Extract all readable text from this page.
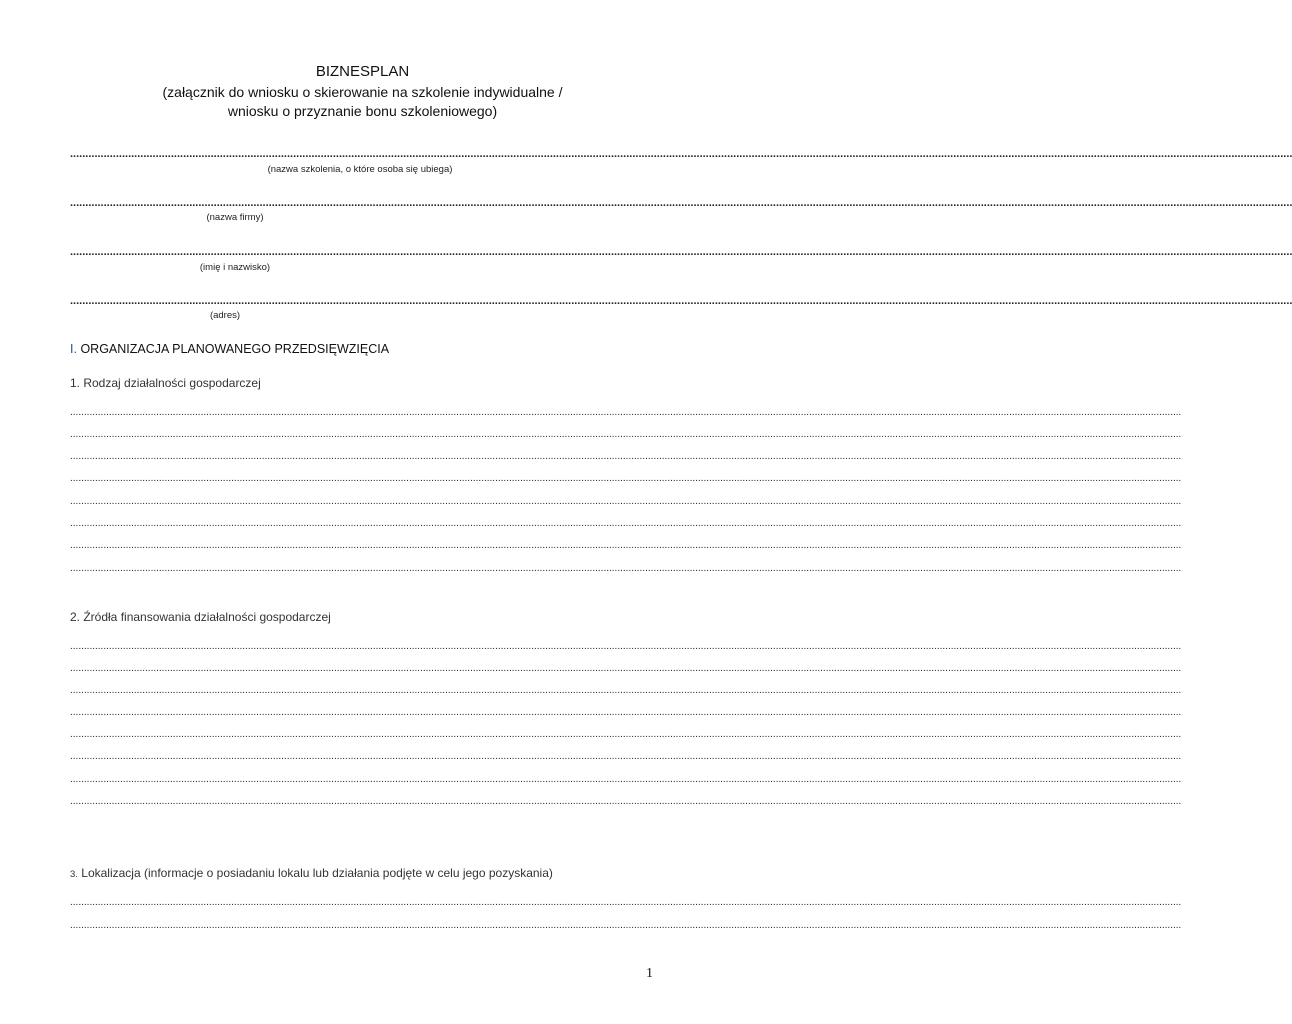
BIZNESPLAN
(załącznik do wniosku o skierowanie na szkolenie indywidualne /
wniosku o przyznanie bonu szkoleniowego)
................................................................................................................................................................................................................................................................................................................................................................................................................
(nazwa szkolenia, o które osoba się ubiega)
................................................................................................................................................................................................................................................................................................................................................................................................................
(nazwa firmy)
................................................................................................................................................................................................................................................................................................................................................................................................................
(imię i nazwisko)
................................................................................................................................................................................................................................................................................................................................................................................................................
(adres)
I. ORGANIZACJA PLANOWANEGO PRZEDSIĘWZIĘCIA
1. Rodzaj działalności gospodarczej
................................................................................................................................................................................................................................................................................................................................................................................................................
................................................................................................................................................................................................................................................................................................................................................................................................................
................................................................................................................................................................................................................................................................................................................................................................................................................
................................................................................................................................................................................................................................................................................................................................................................................................................
................................................................................................................................................................................................................................................................................................................................................................................................................
................................................................................................................................................................................................................................................................................................................................................................................................................
................................................................................................................................................................................................................................................................................................................................................................................................................
................................................................................................................................................................................................................................................................................................................................................................................................................
2. Źródła finansowania działalności gospodarczej
................................................................................................................................................................................................................................................................................................................................................................................................................
................................................................................................................................................................................................................................................................................................................................................................................................................
................................................................................................................................................................................................................................................................................................................................................................................................................
................................................................................................................................................................................................................................................................................................................................................................................................................
................................................................................................................................................................................................................................................................................................................................................................................................................
................................................................................................................................................................................................................................................................................................................................................................................................................
................................................................................................................................................................................................................................................................................................................................................................................................................
................................................................................................................................................................................................................................................................................................................................................................................................................
3. Lokalizacja (informacje o posiadaniu lokalu lub działania podjęte w celu jego pozyskania)
................................................................................................................................................................................................................................................................................................................................................................................................................
................................................................................................................................................................................................................................................................................................................................................................................................................
1
